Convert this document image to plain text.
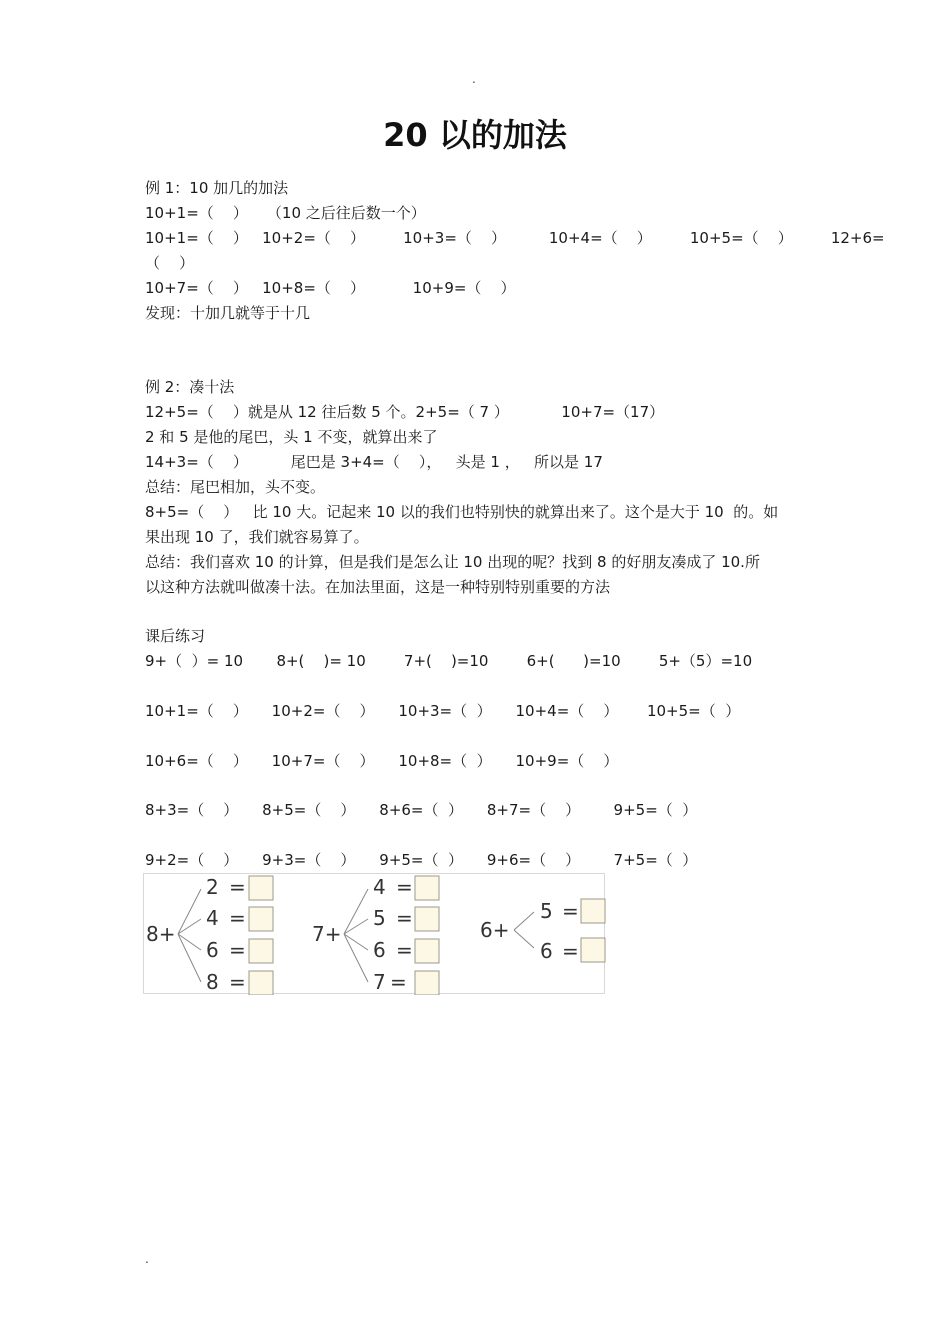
.
20 以的加法
例 1：10 加几的加法
10+1=（    ）    （10 之后往后数一个）
10+1=（    ）   10+2=（    ）        10+3=（    ）         10+4=（    ）        10+5=（    ）        12+6=
（    ）
10+7=（    ）   10+8=（    ）          10+9=（    ）
发现：十加几就等于十几
例 2：凑十法
12+5=（    ）就是从 12 往后数 5 个。2+5=（ 7 ）           10+7=（17）
2 和 5 是他的尾巴，头 1 不变，就算出来了
14+3=（    ）         尾巴是 3+4=（    ），   头是 1 ，   所以是 17
总结：尾巴相加，头不变。
8+5=（    ）   比 10 大。记起来 10 以的我们也特别快的就算出来了。这个是大于 10  的。如
果出现 10 了，我们就容易算了。
总结：我们喜欢 10 的计算，但是我们是怎么让 10 出现的呢？找到 8 的好朋友凑成了 10.所
以这种方法就叫做凑十法。在加法里面，这是一种特别特别重要的方法
课后练习
9+（  ）= 10       8+(    )= 10        7+(    )=10        6+(      )=10        5+（5）=10
10+1=（    ）     10+2=（    ）     10+3=（  ）     10+4=（    ）      10+5=（  ）
10+6=（    ）     10+7=（    ）     10+8=（  ）     10+9=（    ）
8+3=（    ）     8+5=（    ）     8+6=（  ）     8+7=（    ）       9+5=（  ）
9+2=（    ）     9+3=（    ）     9+5=（  ）     9+6=（    ）       7+5=（  ）
8+
2
4
6
8
=
=
=
=
7+
4
5
6
7
=
=
=
=
6+
5
6
=
=
.
